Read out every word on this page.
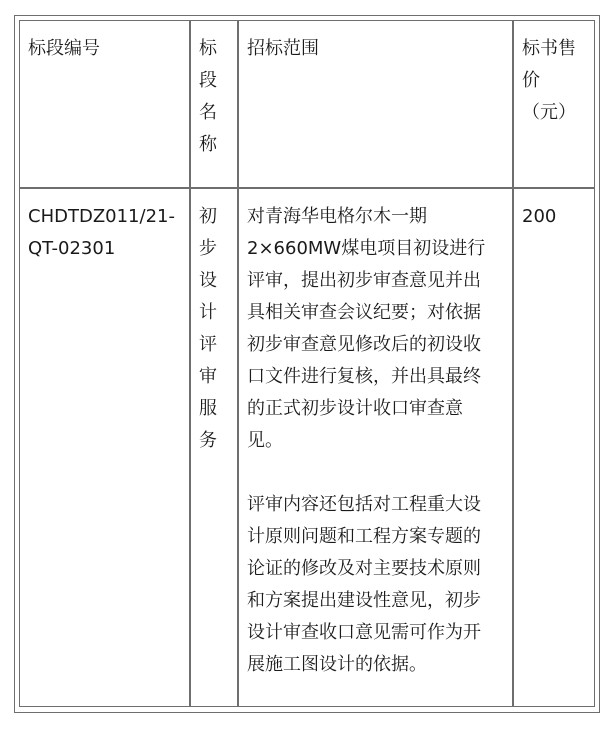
标段编号	标
段
名
称
招标范围	标书售
价
（元）
CHDTDZ011/21-
QT-02301
初
步
设
计
评
审
服
务

对青海华电格尔木一期
2×660MW煤电项目初设进行
评审，提出初步审查意见并出
具相关审查会议纪要；对依据
初步审查意见修改后的初设收
口文件进行复核，并出具最终
的正式初步设计收口审查意
见。

评审内容还包括对工程重大设
计原则问题和工程方案专题的
论证的修改及对主要技术原则
和方案提出建设性意见，初步
设计审查收口意见需可作为开
展施工图设计的依据。

200
